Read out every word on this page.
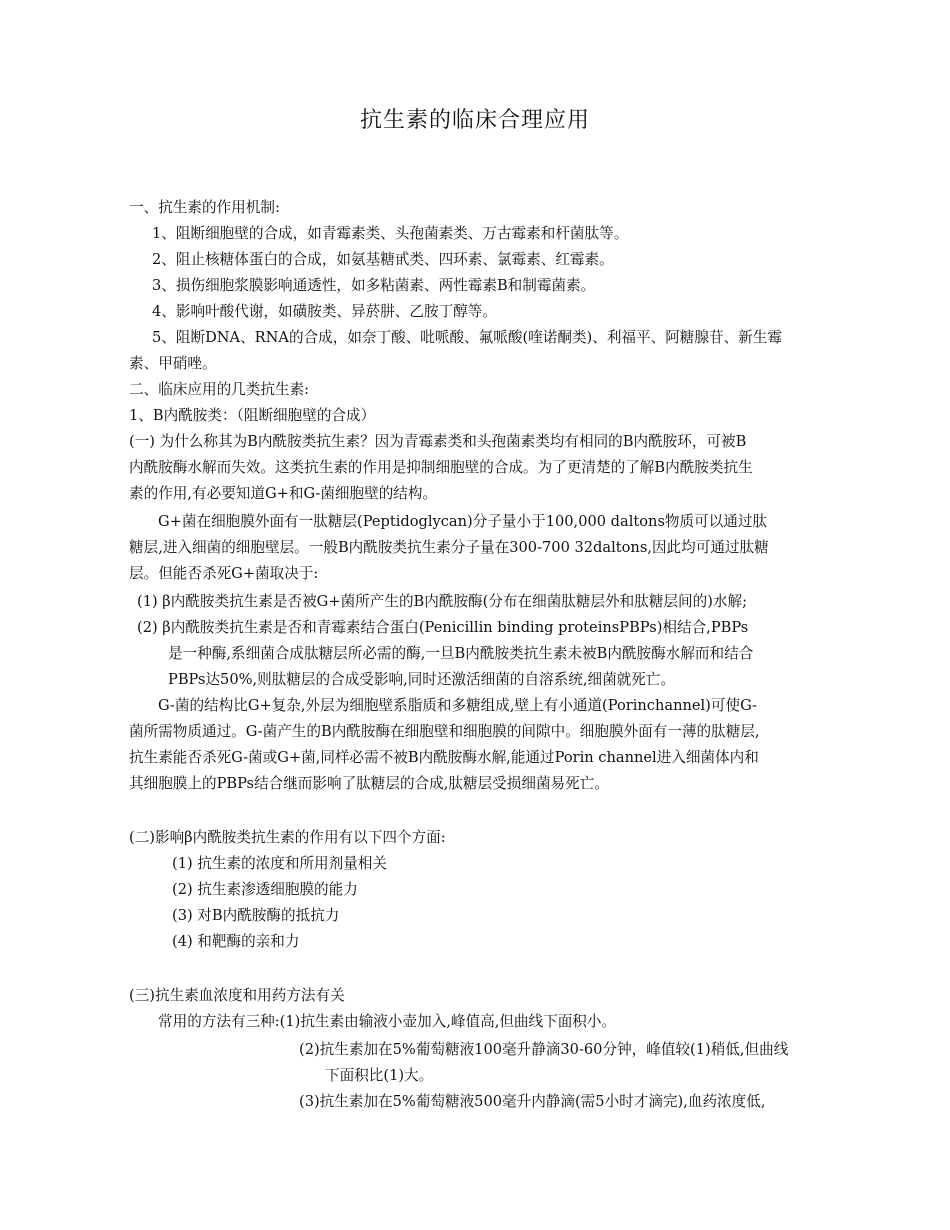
抗生素的临床合理应用
一、抗生素的作用机制:
1、阻断细胞壁的合成，如青霉素类、头孢菌素类、万古霉素和杆菌肽等。
2、阻止核糖体蛋白的合成，如氨基糖甙类、四环素、氯霉素、红霉素。
3、损伤细胞浆膜影响通透性，如多粘菌素、两性霉素B和制霉菌素。
4、影响叶酸代谢，如磺胺类、异菸肼、乙胺丁醇等。
5、阻断DNA、RNA的合成，如奈丁酸、吡哌酸、氟哌酸(喹诺酮类)、利福平、阿糖腺苷、新生霉
素、甲硝唑。
二、临床应用的几类抗生素:
1、B内酰胺类：（阻断细胞壁的合成）
(一) 为什么称其为B内酰胺类抗生素？因为青霉素类和头孢菌素类均有相同的B内酰胺环，可被B
内酰胺酶水解而失效。这类抗生素的作用是抑制细胞壁的合成。为了更清楚的了解B内酰胺类抗生
素的作用,有必要知道G+和G-菌细胞壁的结构。
G+菌在细胞膜外面有一肽糖层(Peptidoglycan)分子量小于100,000 daltons物质可以通过肽
糖层,进入细菌的细胞壁层。一般B内酰胺类抗生素分子量在300-700 32daltons,因此均可通过肽糖
层。但能否杀死G+菌取决于:
(1) β内酰胺类抗生素是否被G+菌所产生的B内酰胺酶(分布在细菌肽糖层外和肽糖层间的)水解;
(2) β内酰胺类抗生素是否和青霉素结合蛋白(Penicillin binding proteinsPBPs)相结合,PBPs
是一种酶,系细菌合成肽糖层所必需的酶,一旦B内酰胺类抗生素未被B内酰胺酶水解而和结合
PBPs达50%,则肽糖层的合成受影响,同时还激活细菌的自溶系统,细菌就死亡。
G-菌的结构比G+复杂,外层为细胞壁系脂质和多糖组成,壁上有小通道(Porinchannel)可使G-
菌所需物质通过。G-菌产生的B内酰胺酶在细胞壁和细胞膜的间隙中。细胞膜外面有一薄的肽糖层,
抗生素能否杀死G-菌或G+菌,同样必需不被B内酰胺酶水解,能通过Porin channel进入细菌体内和
其细胞膜上的PBPs结合继而影响了肽糖层的合成,肽糖层受损细菌易死亡。
(二)影响β内酰胺类抗生素的作用有以下四个方面:
(1) 抗生素的浓度和所用剂量相关
(2) 抗生素渗透细胞膜的能力
(3) 对B内酰胺酶的抵抗力
(4) 和靶酶的亲和力
(三)抗生素血浓度和用药方法有关
常用的方法有三种:(1)抗生素由输液小壶加入,峰值高,但曲线下面积小。
(2)抗生素加在5%葡萄糖液100毫升静滴30-60分钟，峰值较(1)稍低,但曲线
下面积比(1)大。
(3)抗生素加在5%葡萄糖液500毫升内静滴(需5小时才滴完),血药浓度低,
